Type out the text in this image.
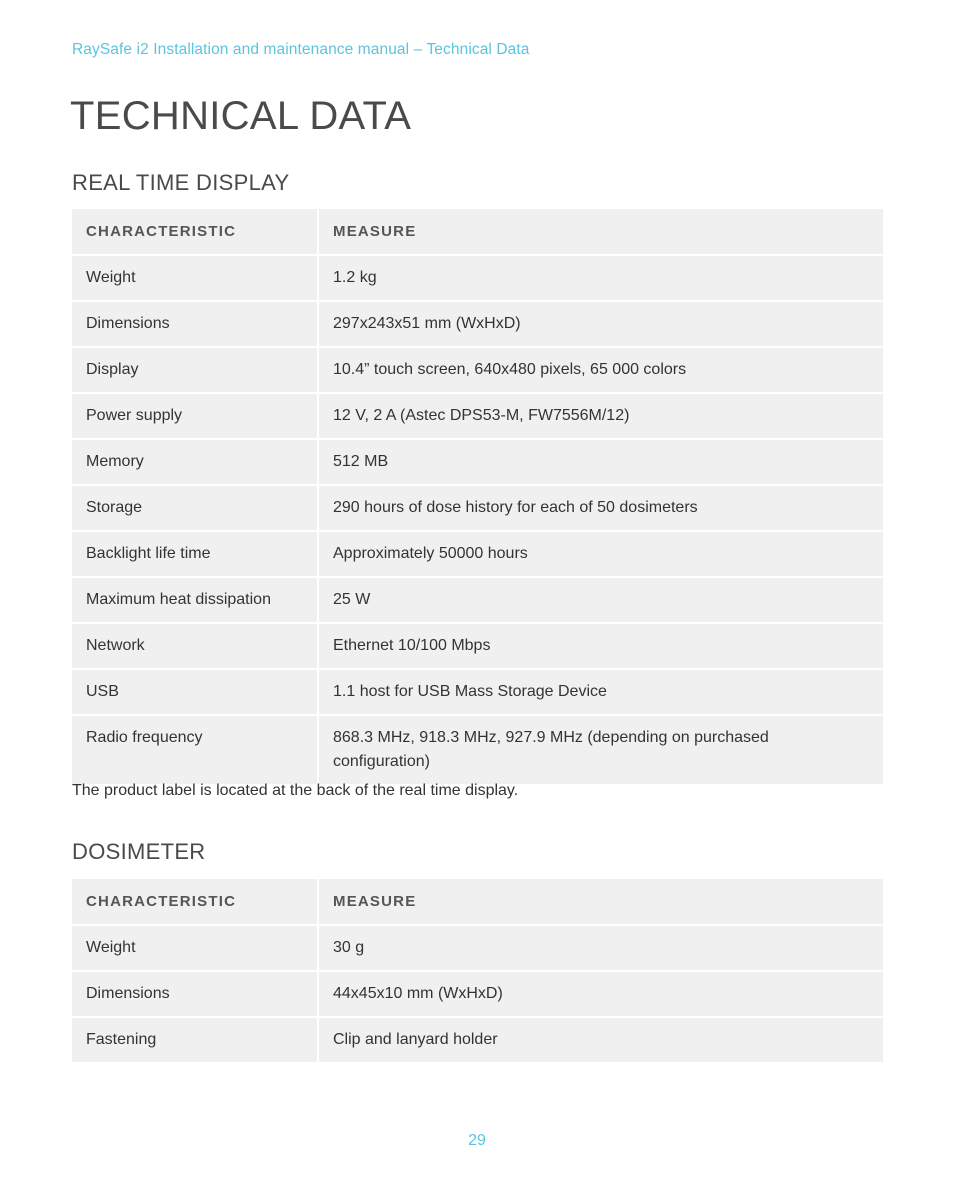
RaySafe i2 Installation and maintenance manual – Technical Data
TECHNICAL DATA
REAL TIME DISPLAY
CHARACTERISTIC	MEASURE
Weight	1.2 kg
Dimensions	297x243x51 mm (WxHxD)
Display	10.4” touch screen, 640x480 pixels, 65 000 colors
Power supply	12 V, 2 A (Astec DPS53-M, FW7556M/12)
Memory	512 MB
Storage	290 hours of dose history for each of 50 dosimeters
Backlight life time	Approximately 50000 hours
Maximum heat dissipation	25 W
Network	Ethernet 10/100 Mbps
USB	1.1 host for USB Mass Storage Device
Radio frequency	868.3 MHz, 918.3 MHz, 927.9 MHz (depending on purchased configuration)

The product label is located at the back of the real time display.

DOSIMETER
CHARACTERISTIC	MEASURE
Weight	30 g
Dimensions	44x45x10 mm (WxHxD)
Fastening	Clip and lanyard holder
29
